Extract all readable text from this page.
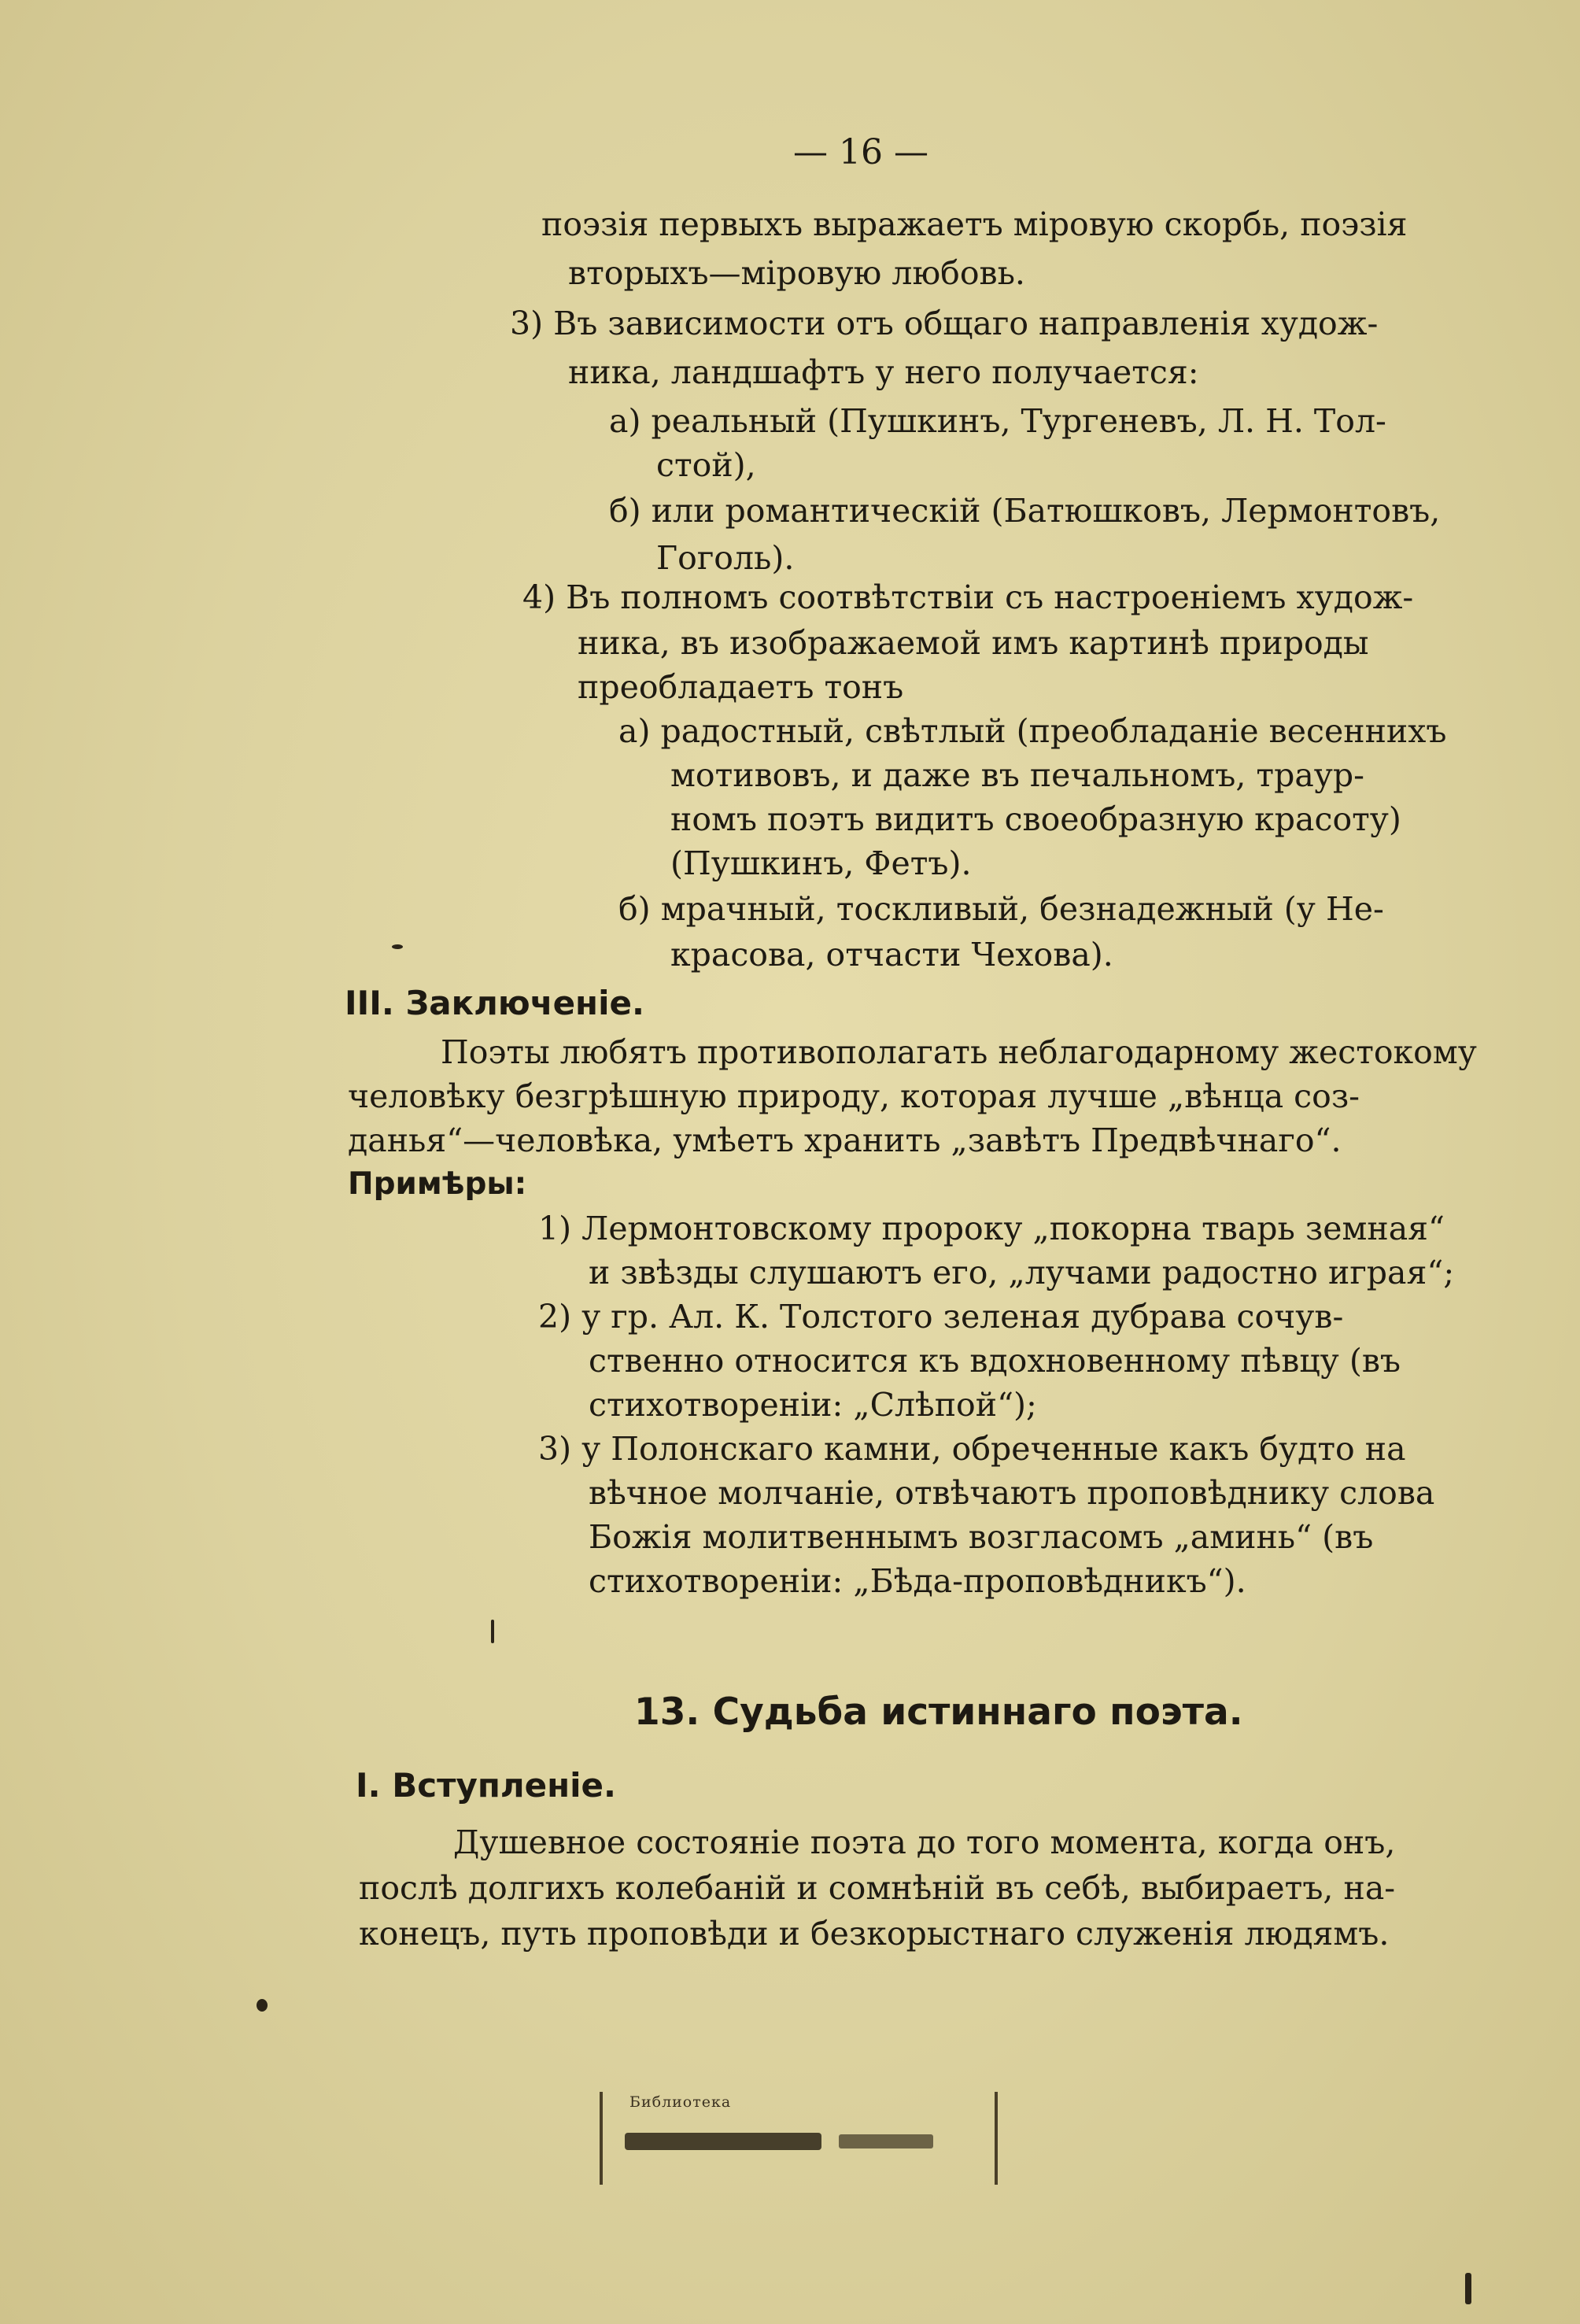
— 16 —
поэзія первыхъ выражаетъ міровую скорбь, поэзія
вторыхъ—міровую любовь.
3) Въ зависимости отъ общаго направленія худож-
ника, ландшафтъ у него получается:
а) реальный (Пушкинъ, Тургеневъ, Л. Н. Тол-
стой),
б) или романтическій (Батюшковъ, Лермонтовъ,
Гоголь).
4) Въ полномъ соотвѣтствіи съ настроеніемъ худож-
ника, въ изображаемой имъ картинѣ природы
преобладаетъ тонъ
а) радостный, свѣтлый (преобладаніе весеннихъ
мотивовъ, и даже въ печальномъ, траур-
номъ поэтъ видитъ своеобразную красоту)
(Пушкинъ, Фетъ).
б) мрачный, тоскливый, безнадежный (у Не-
красова, отчасти Чехова).
III. Заключеніе.
Поэты любятъ противополагать неблагодарному жестокому
человѣку безгрѣшную природу, которая лучше „вѣнца соз-
данья“—человѣка, умѣетъ хранить „завѣтъ Предвѣчнаго“.
Примѣры:
1) Лермонтовскому пророку „покорна тварь земная“
и звѣзды слушаютъ его, „лучами радостно играя“;
2) у гр. Ал. К. Толстого зеленая дубрава сочув-
ственно относится къ вдохновенному пѣвцу (въ
стихотвореніи: „Слѣпой“);
3) у Полонскаго камни, обреченные какъ будто на
вѣчное молчаніе, отвѣчаютъ проповѣднику слова
Божія молитвеннымъ возгласомъ „аминь“ (въ
стихотвореніи: „Бѣда-проповѣдникъ“).
13. Судьба истиннаго поэта.
I. Вступленіе.
Душевное состояніе поэта до того момента, когда онъ,
послѣ долгихъ колебаній и сомнѣній въ себѣ, выбираетъ, на-
конецъ, путь проповѣди и безкорыстнаго служенія людямъ.
Библиотека
